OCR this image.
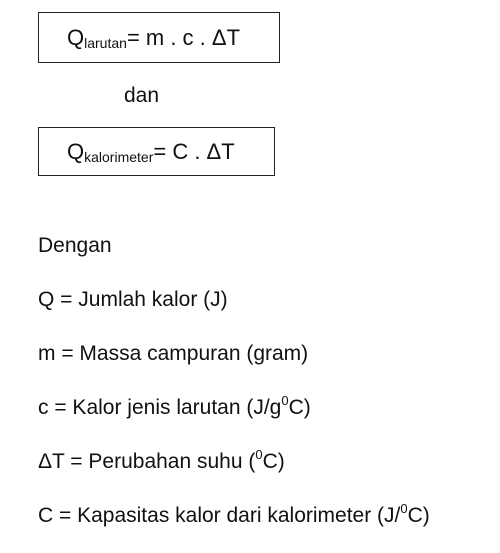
Q larutan = m . c . ΔT
dan
Q kalorimeter = C . ΔT
Dengan
Q = Jumlah kalor (J)
m = Massa campuran (gram)
c = Kalor jenis larutan $(J/g^0C)$
ΔT = Perubahan suhu ($^0$C)
C = Kapasitas kalor dari kalorimeter (J/$^0$C)
